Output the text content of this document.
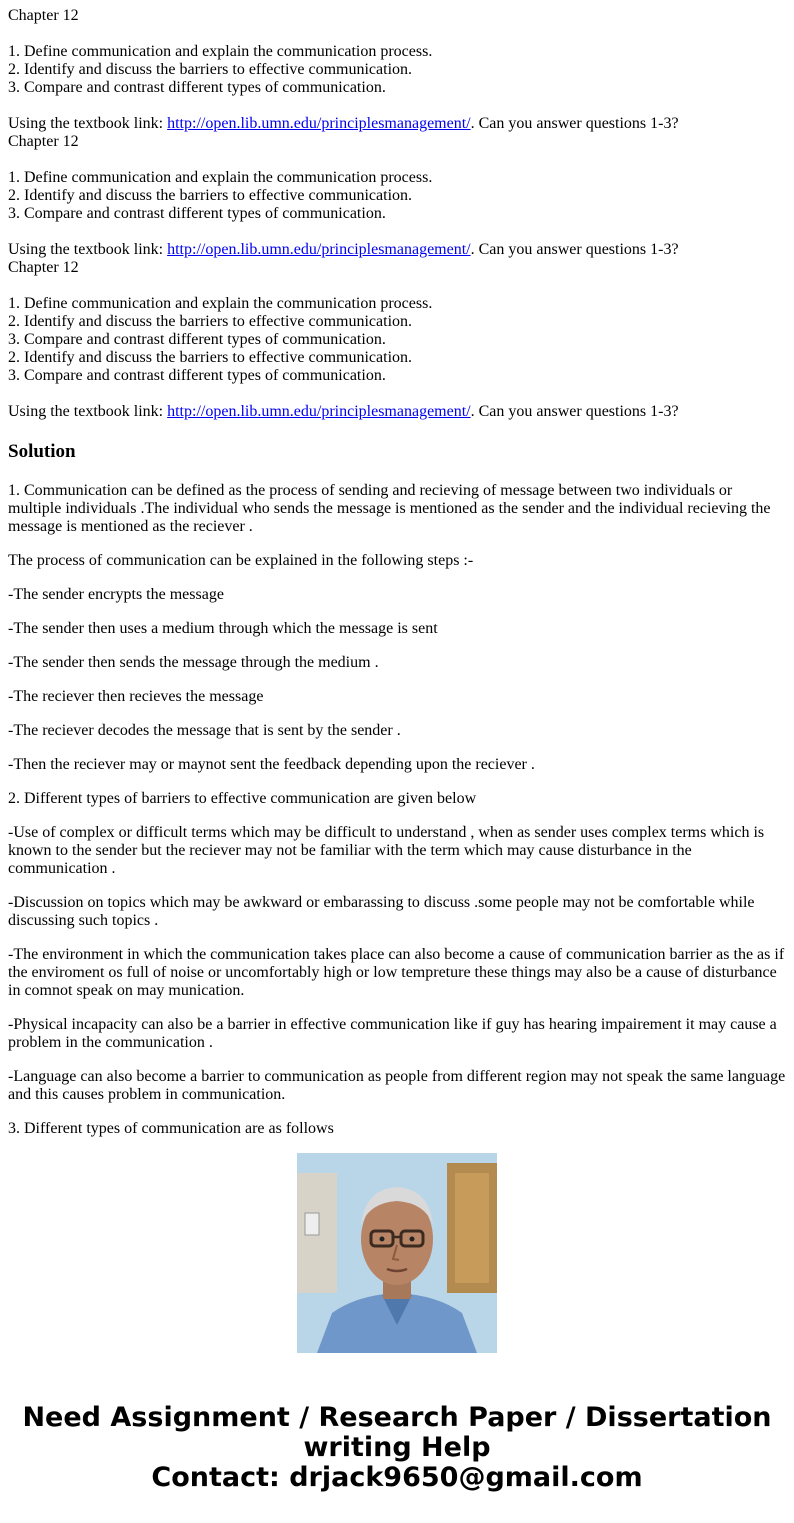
Chapter 12

1. Define communication and explain the communication process.

2. Identify and discuss the barriers to effective communication.

3. Compare and contrast different types of communication.

Using the textbook link: http://open.lib.umn.edu/principlesmanagement/. Can you answer questions 1-3?

Chapter 12

1. Define communication and explain the communication process.

2. Identify and discuss the barriers to effective communication.

3. Compare and contrast different types of communication.

Using the textbook link: http://open.lib.umn.edu/principlesmanagement/. Can you answer questions 1-3?

Chapter 12

1. Define communication and explain the communication process.

2. Identify and discuss the barriers to effective communication.

3. Compare and contrast different types of communication.

2. Identify and discuss the barriers to effective communication.

3. Compare and contrast different types of communication.

Using the textbook link: http://open.lib.umn.edu/principlesmanagement/. Can you answer questions 1-3?

Solution

1. Communication can be defined as the process of sending and recieving of message between two individuals or multiple individuals .The individual who sends the message is mentioned as the sender and the individual recieving the message is mentioned as the reciever .

The process of communication can be explained in the following steps :-

-The sender encrypts the message

-The sender then uses a medium through which the message is sent

-The sender then sends the message through the medium .

-The reciever then recieves the message

-The reciever decodes the message that is sent by the sender .

-Then the reciever may or maynot sent the feedback depending upon the reciever .

2. Different types of barriers to effective communication are given below

-Use of complex or difficult terms which may be difficult to understand , when as sender uses complex terms which is known to the sender but the reciever may not be familiar with the term which may cause disturbance in the communication .

-Discussion on topics which may be awkward or embarassing to discuss .some people may not be comfortable while discussing such topics .

-The environment in which the communication takes place can also become a cause of communication barrier as the as if the enviroment os full of noise or uncomfortably high or low tempreture these things may also be a cause of disturbance in comnot speak on may munication.

-Physical incapacity can also be a barrier in effective communication like if guy has hearing impairement it may cause a problem in the communication .

-Language can also become a barrier to communication as people from different region may not speak the same language and this causes problem in communication.

3. Different types of communication are as follows

Need Assignment / Research Paper / Dissertation writing Help
Contact: drjack9650@gmail.com
